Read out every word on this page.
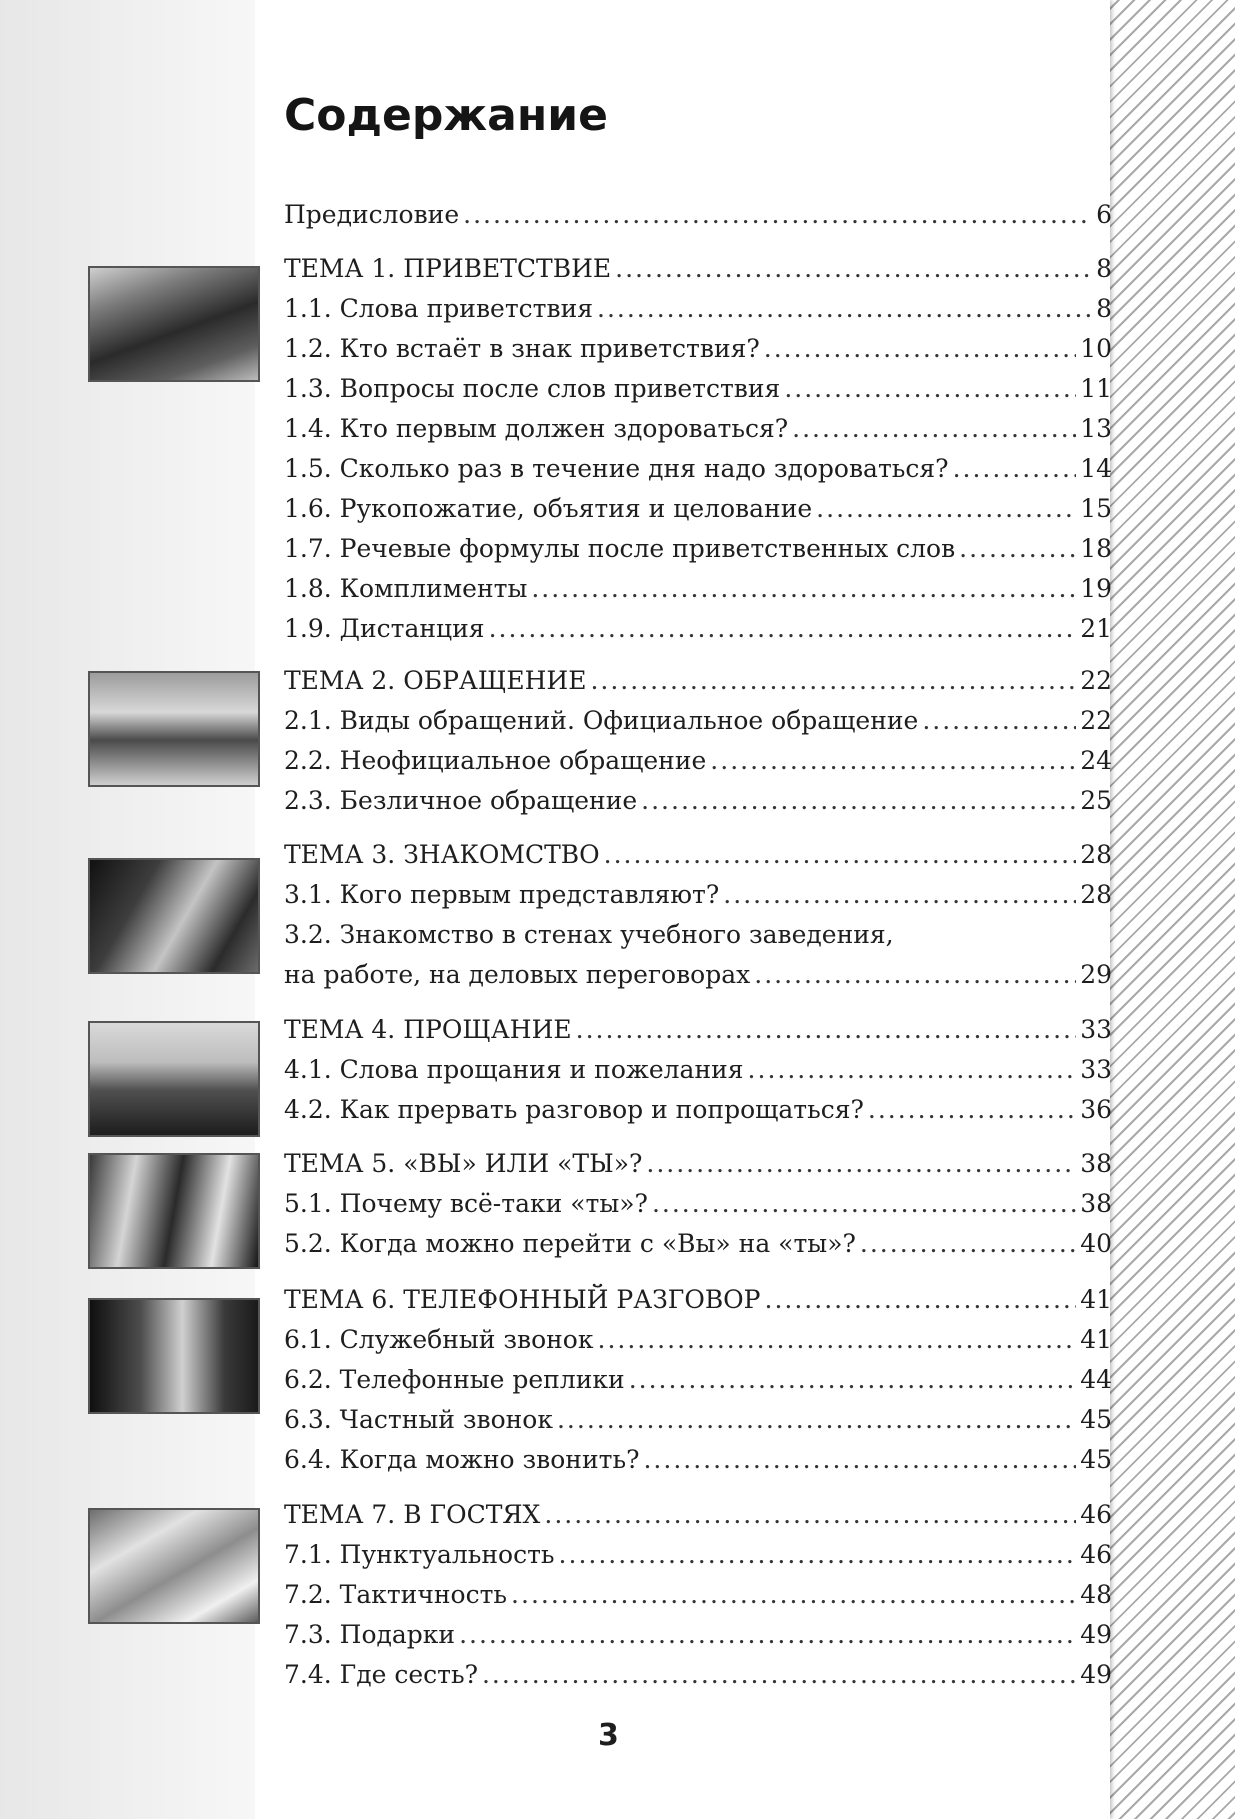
Содержание
Предисловие .....	6
ТЕМА 1. ПРИВЕТСТВИЕ .....	8
1.1. Слова приветствия .....	8
1.2. Кто встаёт в знак приветствия? .....	10
1.3. Вопросы после слов приветствия .....	11
1.4. Кто первым должен здороваться? .....	13
1.5. Сколько раз в течение дня надо здороваться? .....	14
1.6. Рукопожатие, объятия и целование .....	15
1.7. Речевые формулы после приветственных слов .....	18
1.8. Комплименты .....	19
1.9. Дистанция .....	21
ТЕМА 2. ОБРАЩЕНИЕ .....	22
2.1. Виды обращений. Официальное обращение .....	22
2.2. Неофициальное обращение .....	24
2.3. Безличное обращение .....	25
ТЕМА 3. ЗНАКОМСТВО .....	28
3.1. Кого первым представляют? .....	28
3.2. Знакомство в стенах учебного заведения,
на работе, на деловых переговорах .....	29
ТЕМА 4. ПРОЩАНИЕ .....	33
4.1. Слова прощания и пожелания .....	33
4.2. Как прервать разговор и попрощаться? .....	36
ТЕМА 5. «ВЫ» ИЛИ «ТЫ»? .....	38
5.1. Почему всё-таки «ты»? .....	38
5.2. Когда можно перейти с «Вы» на «ты»? .....	40
ТЕМА 6. ТЕЛЕФОННЫЙ РАЗГОВОР .....	41
6.1. Служебный звонок .....	41
6.2. Телефонные реплики .....	44
6.3. Частный звонок .....	45
6.4. Когда можно звонить? .....	45
ТЕМА 7. В ГОСТЯХ .....	46
7.1. Пунктуальность .....	46
7.2. Тактичность .....	48
7.3. Подарки .....	49
7.4. Где сесть? .....	49
3
